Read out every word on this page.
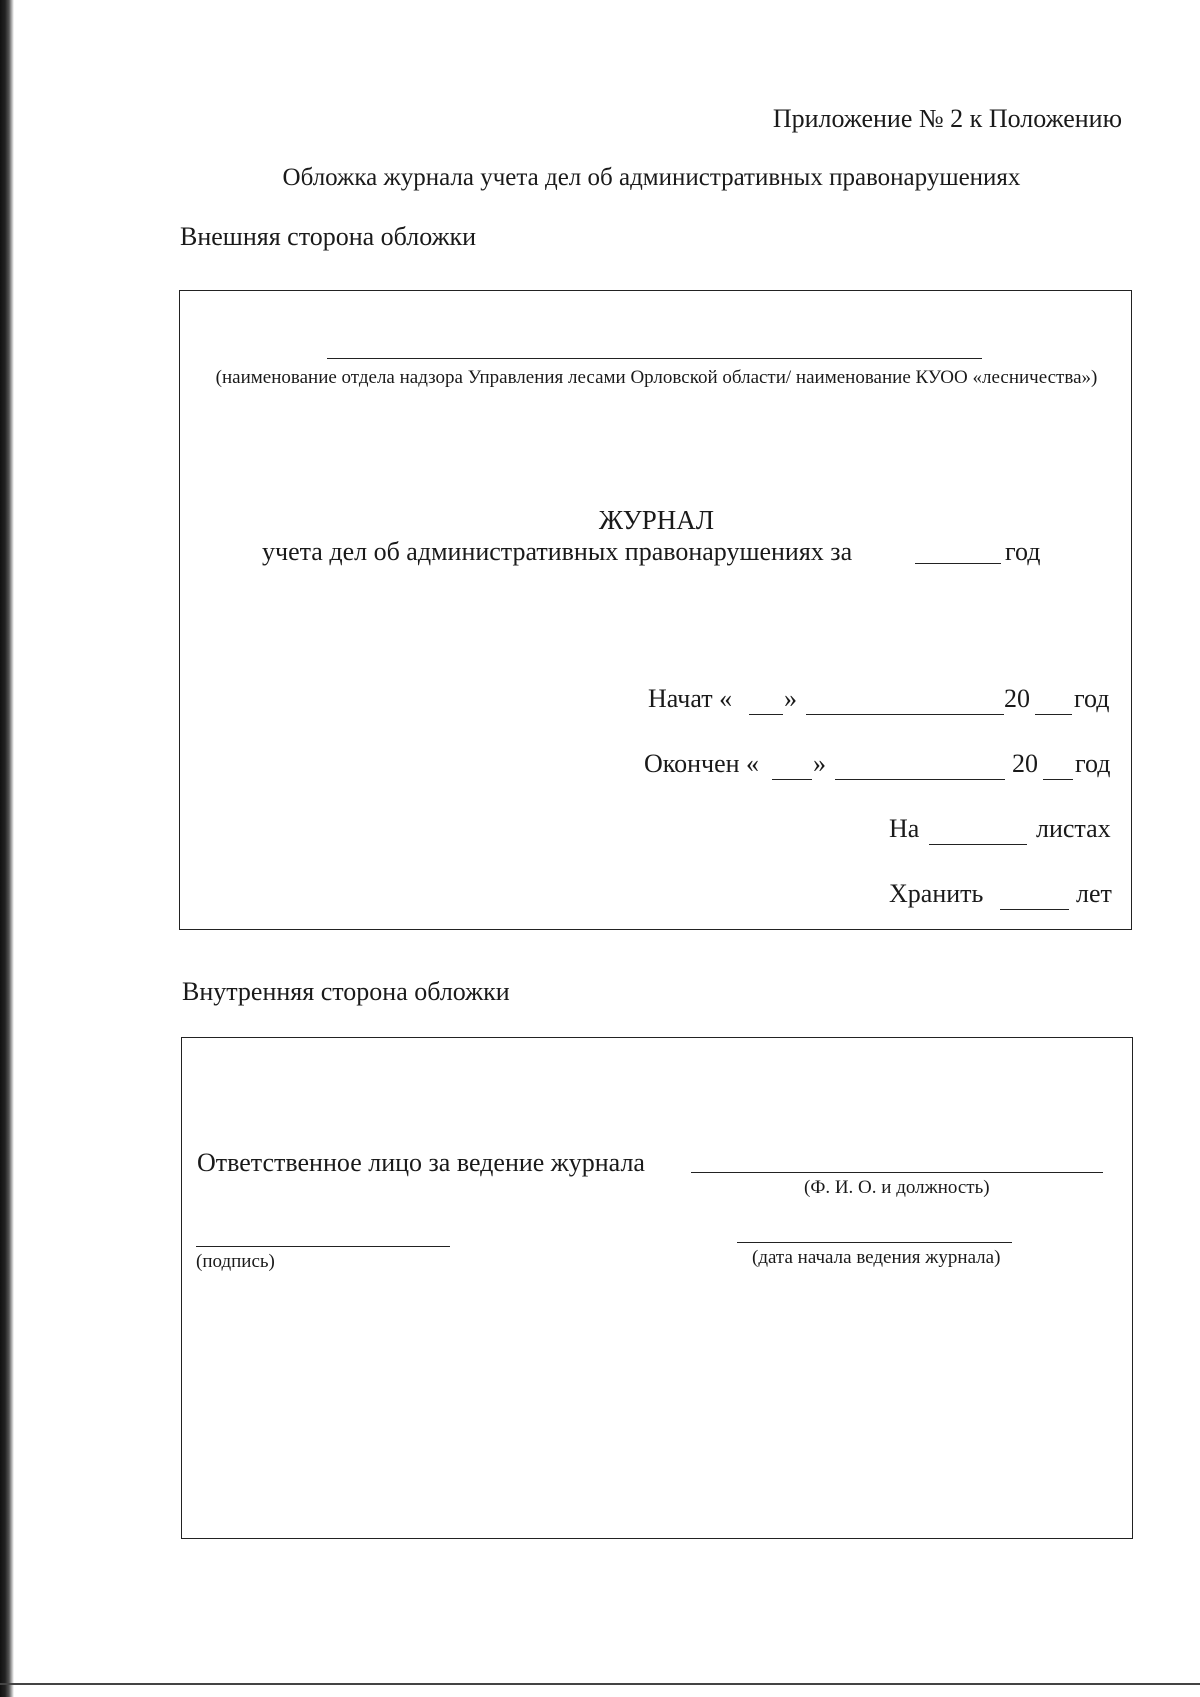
Приложение № 2 к Положению
Обложка журнала учета дел об административных правонарушениях
Внешняя сторона обложки
(наименование отдела надзора Управления лесами Орловской области/ наименование КУОО «лесничества»)
ЖУРНАЛ
учета дел об административных правонарушениях за	год
Начат « »	20 год
Окончен « »	20 год
На	листах
Хранить	лет
Внутренняя сторона обложки
Ответственное лицо за ведение журнала
(Ф. И. О. и должность)
(подпись)	(дата начала ведения журнала)
